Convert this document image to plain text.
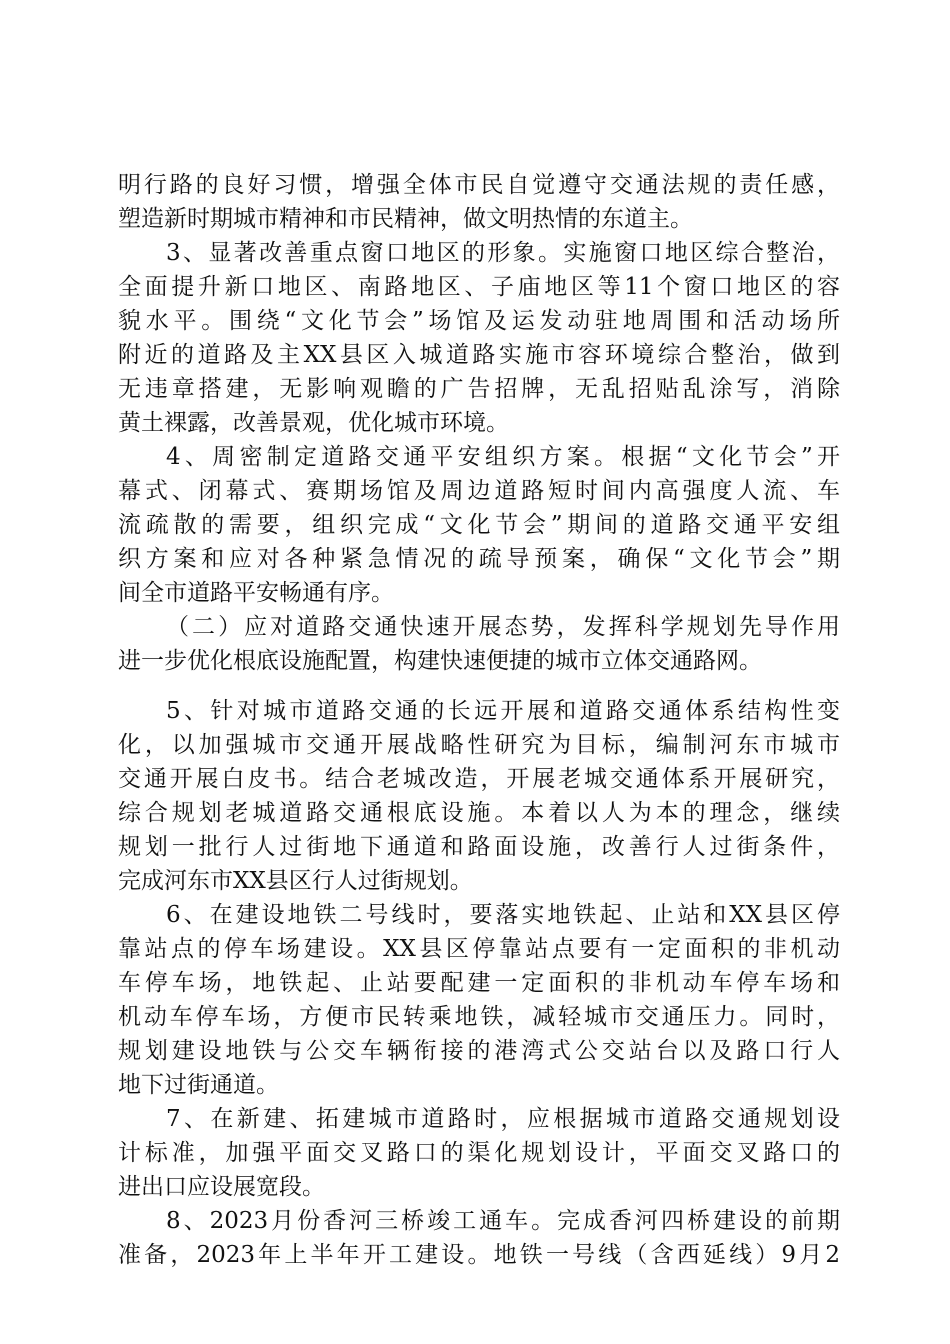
明行路的良好习惯，增强全体市民自觉遵守交通法规的责任感，
塑造新时期城市精神和市民精神，做文明热情的东道主。
3、显著改善重点窗口地区的形象。实施窗口地区综合整治，
全面提升新口地区、南路地区、子庙地区等11个窗口地区的容
貌水平。围绕“文化节会”场馆及运发动驻地周围和活动场所
附近的道路及主XX县区入城道路实施市容环境综合整治，做到
无违章搭建，无影响观瞻的广告招牌，无乱招贴乱涂写，消除
黄土裸露，改善景观，优化城市环境。
4、周密制定道路交通平安组织方案。根据“文化节会”开
幕式、闭幕式、赛期场馆及周边道路短时间内高强度人流、车
流疏散的需要，组织完成“文化节会”期间的道路交通平安组
织方案和应对各种紧急情况的疏导预案，确保“文化节会”期
间全市道路平安畅通有序。
（二）应对道路交通快速开展态势，发挥科学规划先导作用
进一步优化根底设施配置，构建快速便捷的城市立体交通路网。
5、针对城市道路交通的长远开展和道路交通体系结构性变
化，以加强城市交通开展战略性研究为目标，编制河东市城市
交通开展白皮书。结合老城改造，开展老城交通体系开展研究，
综合规划老城道路交通根底设施。本着以人为本的理念，继续
规划一批行人过街地下通道和路面设施，改善行人过街条件，
完成河东市XX县区行人过街规划。
6、在建设地铁二号线时，要落实地铁起、止站和XX县区停
靠站点的停车场建设。XX县区停靠站点要有一定面积的非机动
车停车场，地铁起、止站要配建一定面积的非机动车停车场和
机动车停车场，方便市民转乘地铁，减轻城市交通压力。同时，
规划建设地铁与公交车辆衔接的港湾式公交站台以及路口行人
地下过街通道。
7、在新建、拓建城市道路时，应根据城市道路交通规划设
计标准，加强平面交叉路口的渠化规划设计，平面交叉路口的
进出口应设展宽段。
8、2023月份香河三桥竣工通车。完成香河四桥建设的前期
准备，2023年上半年开工建设。地铁一号线（含西延线）9月2
